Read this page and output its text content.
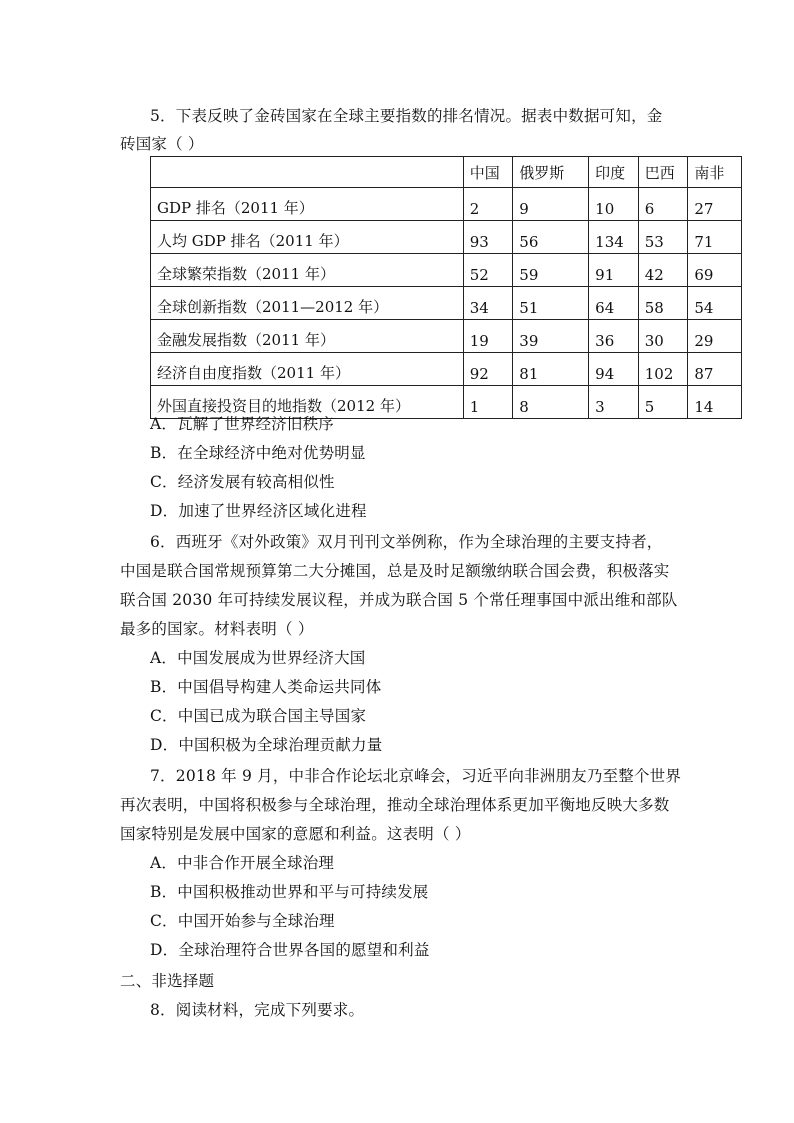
5．下表反映了金砖国家在全球主要指数的排名情况。据表中数据可知，金
砖国家（ ）
	中国	俄罗斯	印度	巴西	南非
GDP 排名（2011 年）	2	9	10	6	27
人均 GDP 排名（2011 年）	93	56	134	53	71
全球繁荣指数（2011 年）	52	59	91	42	69
全球创新指数（2011—2012 年）	34	51	64	58	54
金融发展指数（2011 年）	19	39	36	30	29
经济自由度指数（2011 年）	92	81	94	102	87
外国直接投资目的地指数（2012 年）	1	8	3	5	14
A．瓦解了世界经济旧秩序
B．在全球经济中绝对优势明显
C．经济发展有较高相似性
D．加速了世界经济区域化进程
6．西班牙《对外政策》双月刊刊文举例称，作为全球治理的主要支持者，
中国是联合国常规预算第二大分摊国，总是及时足额缴纳联合国会费，积极落实
联合国 2030 年可持续发展议程，并成为联合国 5 个常任理事国中派出维和部队
最多的国家。材料表明（ ）
A．中国发展成为世界经济大国
B．中国倡导构建人类命运共同体
C．中国已成为联合国主导国家
D．中国积极为全球治理贡献力量
7．2018 年 9 月，中非合作论坛北京峰会，习近平向非洲朋友乃至整个世界
再次表明，中国将积极参与全球治理，推动全球治理体系更加平衡地反映大多数
国家特别是发展中国家的意愿和利益。这表明（ ）
A．中非合作开展全球治理
B．中国积极推动世界和平与可持续发展
C．中国开始参与全球治理
D．全球治理符合世界各国的愿望和利益
二、非选择题
8．阅读材料，完成下列要求。
